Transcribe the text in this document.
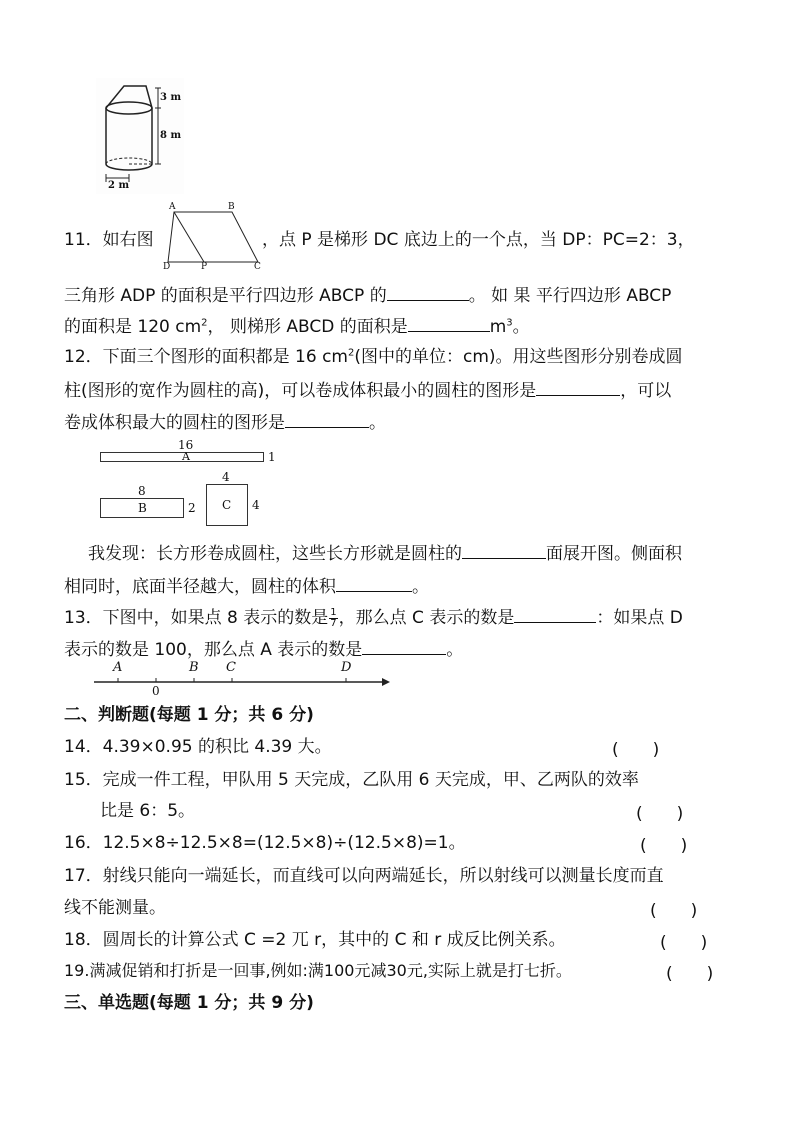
3 m
8 m
2 m
11．如右图
A	B
D	P	C
，点 P 是梯形 DC 底边上的一个点，当 DP：PC=2：3，
三角形 ADP 的面积是平行四边形 ABCP 的	。 如 果 平行四边形 ABCP
的面积是 120 $cm^2$， 则梯形 ABCD 的面积是	$m^3$。
12．下面三个图形的面积都是 16 $cm^2$(图中的单位：cm)。用这些图形分别卷成圆
柱(图形的宽作为圆柱的高)，可以卷成体积最小的圆柱的图形是	，可以
卷成体积最大的圆柱的图形是	。
16
A	1
8
B	2
4
C 4
我发现：长方形卷成圆柱，这些长方形就是圆柱的	面展开图。侧面积
相同时，底面半径越大，圆柱的体积	。
13．下图中，如果点 8 表示的数是 $\frac{1}{7}$ ，那么点 C 表示的数是	：如果点 D
表示的数是 100，那么点 A 表示的数是	。
A
0
B C	D
二、判断题(每题 1 分；共 6 分)
14．4.39×0.95 的积比 4.39 大。	(　　)
15．完成一件工程，甲队用 5 天完成，乙队用 6 天完成，甲、乙两队的效率
比是 6：5。	(　　)
16．12.5×8÷12.5×8=(12.5×8)÷(12.5×8)=1。	(　　)
17．射线只能向一端延长，而直线可以向两端延长，所以射线可以测量长度而直
线不能测量。	(　　)
18．圆周长的计算公式 C =2 兀 r，其中的 C 和 r 成反比例关系。	(　　)
19.满减促销和打折是一回事,例如:满100元减30元,实际上就是打七折。	(　　)
三、单选题(每题 1 分；共 9 分)
